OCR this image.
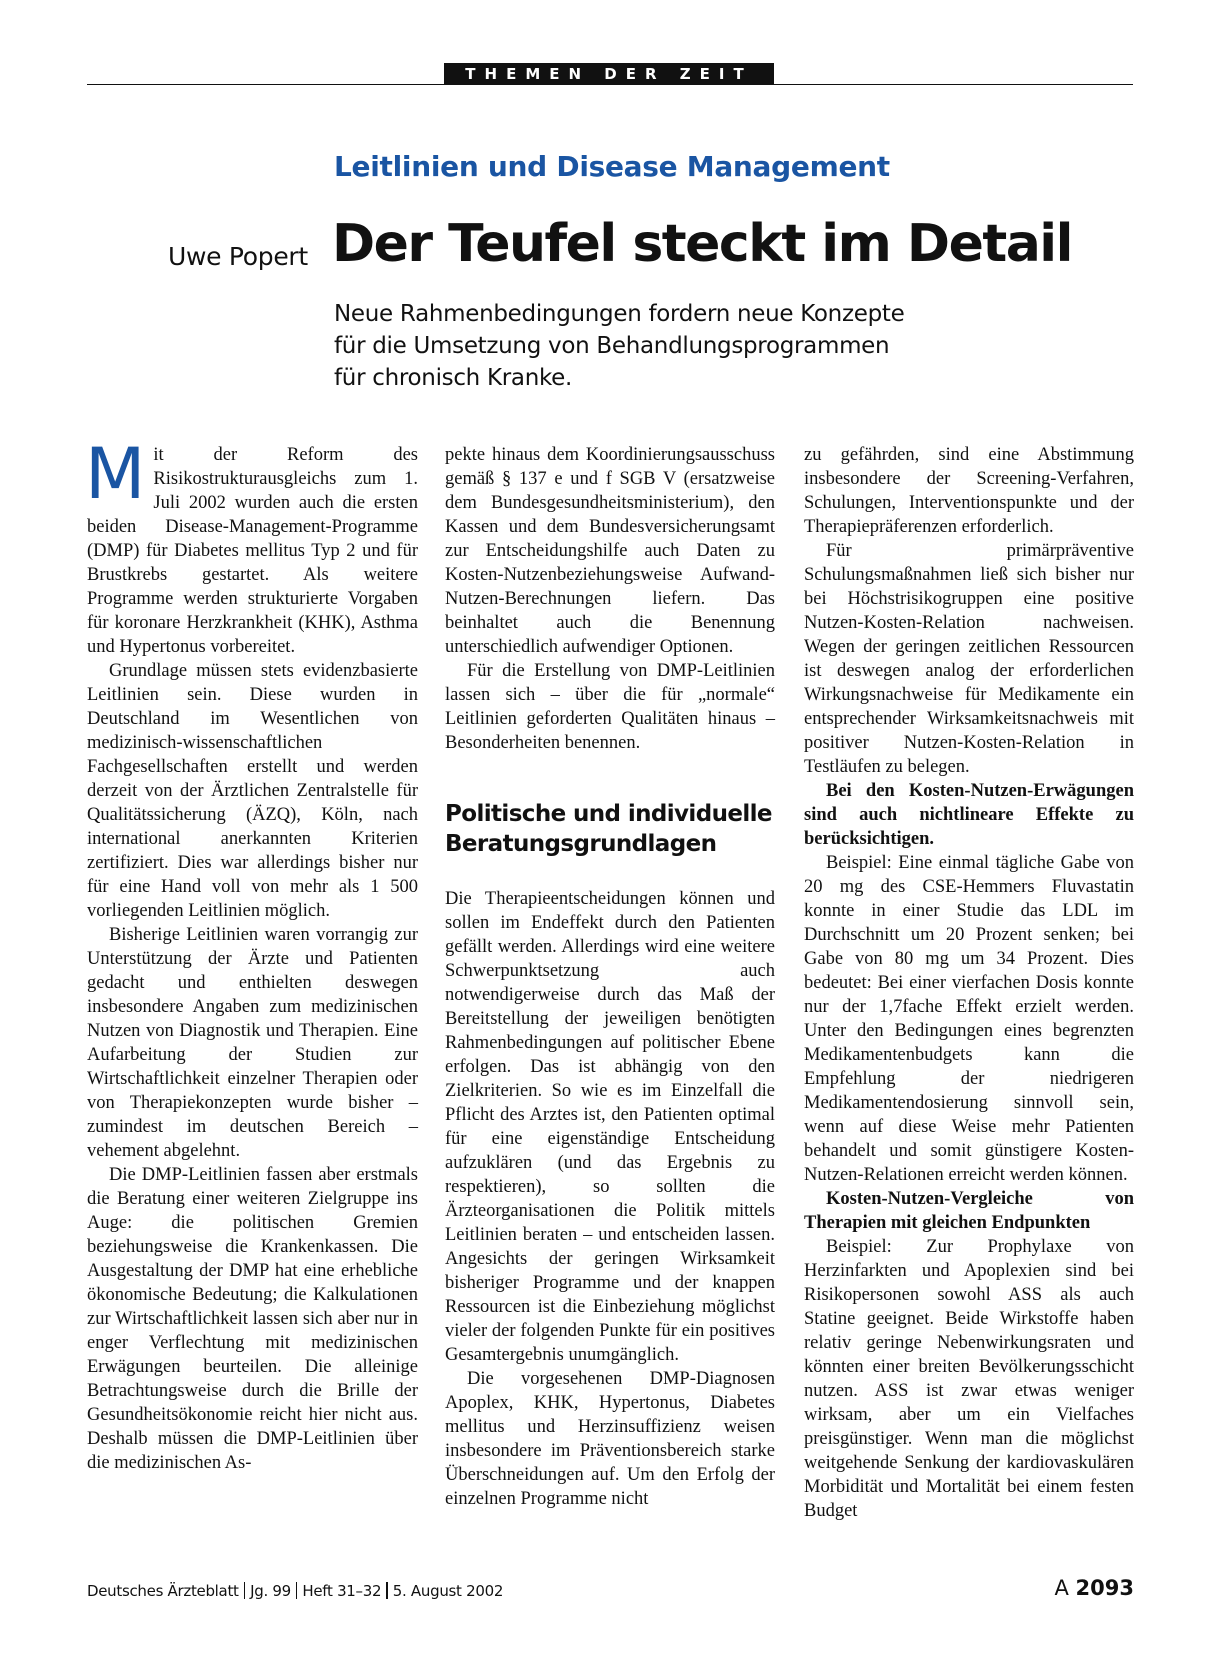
THEMEN DER ZEIT
Leitlinien und Disease Management
Uwe Popert Der Teufel steckt im Detail
Neue Rahmenbedingungen fordern neue Konzepte
für die Umsetzung von Behandlungsprogrammen
für chronisch Kranke.

Mit der Reform des Risikostrukturausgleichs zum 1. Juli 2002 wurden auch die ersten beiden Disease-Management-Programme (DMP) für Diabetes mellitus Typ 2 und für Brustkrebs gestartet. Als weitere Programme werden strukturierte Vorgaben für koronare Herzkrankheit (KHK), Asthma und Hypertonus vorbereitet.

Grundlage müssen stets evidenzbasierte Leitlinien sein. Diese wurden in Deutschland im Wesentlichen von medizinisch-wissenschaftlichen Fachgesellschaften erstellt und werden derzeit von der Ärztlichen Zentralstelle für Qualitätssicherung (ÄZQ), Köln, nach international anerkannten Kriterien zertifiziert. Dies war allerdings bisher nur für eine Hand voll von mehr als 1 500 vorliegenden Leitlinien möglich.

Bisherige Leitlinien waren vorrangig zur Unterstützung der Ärzte und Patienten gedacht und enthielten deswegen insbesondere Angaben zum medizinischen Nutzen von Diagnostik und Therapien. Eine Aufarbeitung der Studien zur Wirtschaftlichkeit einzelner Therapien oder von Therapiekonzepten wurde bisher – zumindest im deutschen Bereich – vehement abgelehnt.

Die DMP-Leitlinien fassen aber erstmals die Beratung einer weiteren Zielgruppe ins Auge: die politischen Gremien beziehungsweise die Krankenkassen. Die Ausgestaltung der DMP hat eine erhebliche ökonomische Bedeutung; die Kalkulationen zur Wirtschaftlichkeit lassen sich aber nur in enger Verflechtung mit medizinischen Erwägungen beurteilen. Die alleinige Betrachtungsweise durch die Brille der Gesundheitsökonomie reicht hier nicht aus. Deshalb müssen die DMP-Leitlinien über die medizinischen As-

pekte hinaus dem Koordinierungsausschuss gemäß § 137 e und f SGB V (ersatzweise dem Bundesgesundheitsministerium), den Kassen und dem Bundesversicherungsamt zur Entscheidungshilfe auch Daten zu Kosten-Nutzenbeziehungsweise Aufwand-Nutzen-Berechnungen liefern. Das beinhaltet auch die Benennung unterschiedlich aufwendiger Optionen.

Für die Erstellung von DMP-Leitlinien lassen sich – über die für „normale“ Leitlinien geforderten Qualitäten hinaus – Besonderheiten benennen.

Politische und individuelle Beratungsgrundlagen

Die Therapieentscheidungen können und sollen im Endeffekt durch den Patienten gefällt werden. Allerdings wird eine weitere Schwerpunktsetzung auch notwendigerweise durch das Maß der Bereitstellung der jeweiligen benötigten Rahmenbedingungen auf politischer Ebene erfolgen. Das ist abhängig von den Zielkriterien. So wie es im Einzelfall die Pflicht des Arztes ist, den Patienten optimal für eine eigenständige Entscheidung aufzuklären (und das Ergebnis zu respektieren), so sollten die Ärzteorganisationen die Politik mittels Leitlinien beraten – und entscheiden lassen. Angesichts der geringen Wirksamkeit bisheriger Programme und der knappen Ressourcen ist die Einbeziehung möglichst vieler der folgenden Punkte für ein positives Gesamtergebnis unumgänglich.

Die vorgesehenen DMP-Diagnosen Apoplex, KHK, Hypertonus, Diabetes mellitus und Herzinsuffizienz weisen insbesondere im Präventionsbereich starke Überschneidungen auf. Um den Erfolg der einzelnen Programme nicht

zu gefährden, sind eine Abstimmung insbesondere der Screening-Verfahren, Schulungen, Interventionspunkte und der Therapiepräferenzen erforderlich.

Für primärpräventive Schulungsmaßnahmen ließ sich bisher nur bei Höchstrisikogruppen eine positive Nutzen-Kosten-Relation nachweisen. Wegen der geringen zeitlichen Ressourcen ist deswegen analog der erforderlichen Wirkungsnachweise für Medikamente ein entsprechender Wirksamkeitsnachweis mit positiver Nutzen-Kosten-Relation in Testläufen zu belegen.

Bei den Kosten-Nutzen-Erwägungen sind auch nichtlineare Effekte zu berücksichtigen.

Beispiel: Eine einmal tägliche Gabe von 20 mg des CSE-Hemmers Fluvastatin konnte in einer Studie das LDL im Durchschnitt um 20 Prozent senken; bei Gabe von 80 mg um 34 Prozent. Dies bedeutet: Bei einer vierfachen Dosis konnte nur der 1,7fache Effekt erzielt werden. Unter den Bedingungen eines begrenzten Medikamentenbudgets kann die Empfehlung der niedrigeren Medikamentendosierung sinnvoll sein, wenn auf diese Weise mehr Patienten behandelt und somit günstigere Kosten-Nutzen-Relationen erreicht werden können.

Kosten-Nutzen-Vergleiche von Therapien mit gleichen Endpunkten

Beispiel: Zur Prophylaxe von Herzinfarkten und Apoplexien sind bei Risikopersonen sowohl ASS als auch Statine geeignet. Beide Wirkstoffe haben relativ geringe Nebenwirkungsraten und könnten einer breiten Bevölkerungsschicht nutzen. ASS ist zwar etwas weniger wirksam, aber um ein Vielfaches preisgünstiger. Wenn man die möglichst weitgehende Senkung der kardiovaskulären Morbidität und Mortalität bei einem festen Budget

Deutsches Ärzteblatt Jg. 99 Heft 31–32 5. August 2002	A 2093
